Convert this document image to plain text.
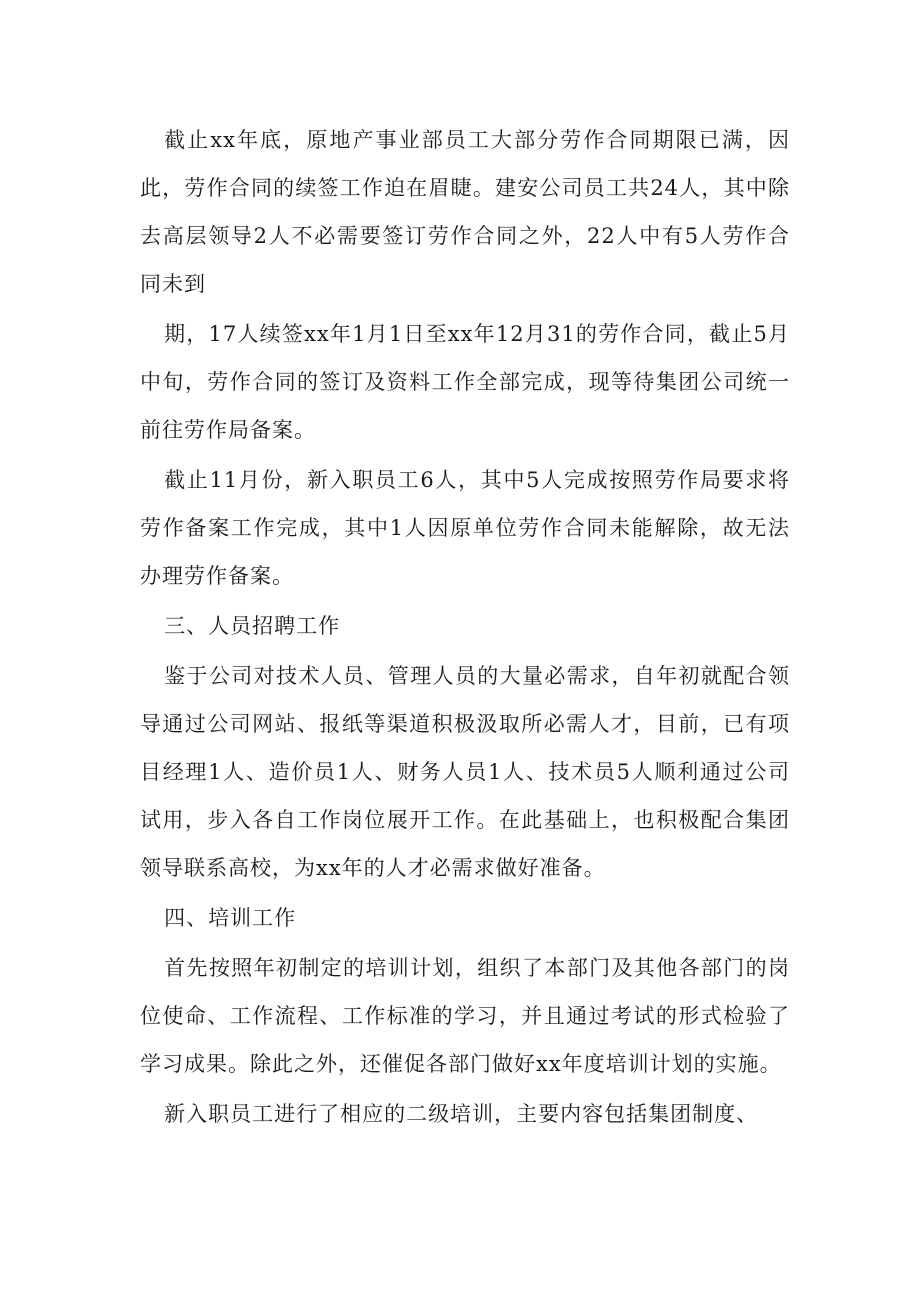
截止xx年底，原地产事业部员工大部分劳作合同期限已满，因此，劳作合同的续签工作迫在眉睫。建安公司员工共24人，其中除去高层领导2人不必需要签订劳作合同之外，22人中有5人劳作合同未到

期，17人续签xx年1月1日至xx年12月31的劳作合同，截止5月中旬，劳作合同的签订及资料工作全部完成，现等待集团公司统一前往劳作局备案。

截止11月份，新入职员工6人，其中5人完成按照劳作局要求将劳作备案工作完成，其中1人因原单位劳作合同未能解除，故无法办理劳作备案。

三、人员招聘工作

鉴于公司对技术人员、管理人员的大量必需求，自年初就配合领导通过公司网站、报纸等渠道积极汲取所必需人才，目前，已有项目经理1人、造价员1人、财务人员1人、技术员5人顺利通过公司试用，步入各自工作岗位展开工作。在此基础上，也积极配合集团领导联系高校，为xx年的人才必需求做好准备。

四、培训工作

首先按照年初制定的培训计划，组织了本部门及其他各部门的岗位使命、工作流程、工作标准的学习，并且通过考试的形式检验了学习成果。除此之外，还催促各部门做好xx年度培训计划的实施。

新入职员工进行了相应的二级培训，主要内容包括集团制度、
